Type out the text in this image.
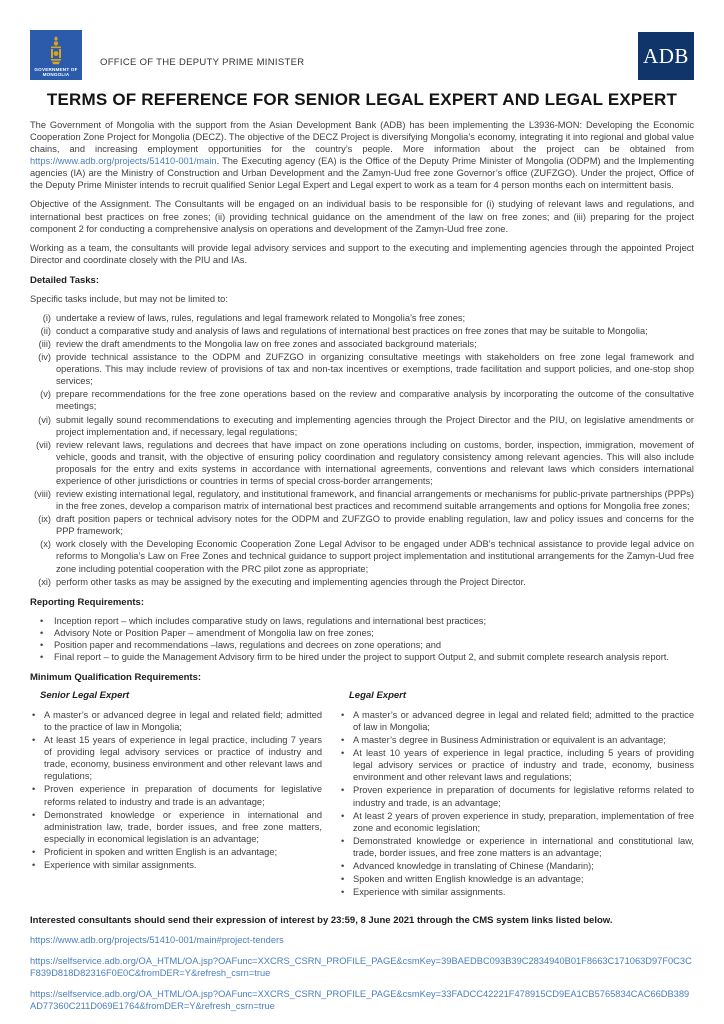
GOVERNMENT OF
MONGOLIA
OFFICE OF THE DEPUTY PRIME MINISTER	ADB
TERMS OF REFERENCE FOR SENIOR LEGAL EXPERT AND LEGAL EXPERT
The Government of Mongolia with the support from the Asian Development Bank (ADB) has been implementing the L3936-MON: Developing the Economic Cooperation Zone Project for Mongolia (DECZ). The objective of the DECZ Project is diversifying Mongolia’s economy, integrating it into regional and global value chains, and increasing employment opportunities for the country’s people. More information about the project can be obtained from https://www.adb.org/projects/51410-001/main. The Executing agency (EA) is the Office of the Deputy Prime Minister of Mongolia (ODPM) and the Implementing agencies (IA) are the Ministry of Construction and Urban Development and the Zamyn-Uud free zone Governor’s office (ZUFZGO). Under the project, Office of the Deputy Prime Minister intends to recruit qualified Senior Legal Expert and Legal expert to work as a team for 4 person months each on intermittent basis.
Objective of the Assignment. The Consultants will be engaged on an individual basis to be responsible for (i) studying of relevant laws and regulations, and international best practices on free zones; (ii) providing technical guidance on the amendment of the law on free zones; and (iii) preparing for the project component 2 for conducting a comprehensive analysis on operations and development of the Zamyn-Uud free zone.
Working as a team, the consultants will provide legal advisory services and support to the executing and implementing agencies through the appointed Project Director and coordinate closely with the PIU and IAs.
Detailed Tasks:
Specific tasks include, but may not be limited to:
(i) undertake a review of laws, rules, regulations and legal framework related to Mongolia’s free zones;
(ii) conduct a comparative study and analysis of laws and regulations of international best practices on free zones that may be suitable to Mongolia;
(iii) review the draft amendments to the Mongolia law on free zones and associated background materials;
(iv) provide technical assistance to the ODPM and ZUFZGO in organizing consultative meetings with stakeholders on free zone legal framework and operations. This may include review of provisions of tax and non-tax incentives or exemptions, trade facilitation and support policies, and one-stop shop services;
(v) prepare recommendations for the free zone operations based on the review and comparative analysis by incorporating the outcome of the consultative meetings;
(vi) submit legally sound recommendations to executing and implementing agencies through the Project Director and the PIU, on legislative amendments or project implementation and, if necessary, legal regulations;
(vii) review relevant laws, regulations and decrees that have impact on zone operations including on customs, border, inspection, immigration, movement of vehicle, goods and transit, with the objective of ensuring policy coordination and regulatory consistency among relevant agencies. This will also include proposals for the entry and exits systems in accordance with international agreements, conventions and relevant laws which considers international experience of other jurisdictions or countries in terms of special cross-border arrangements;
(viii) review existing international legal, regulatory, and institutional framework, and financial arrangements or mechanisms for public-private partnerships (PPPs) in the free zones, develop a comparison matrix of international best practices and recommend suitable arrangements and options for Mongolia free zones;
(ix) draft position papers or technical advisory notes for the ODPM and ZUFZGO to provide enabling regulation, law and policy issues and concerns for the PPP framework;
(x) work closely with the Developing Economic Cooperation Zone Legal Advisor to be engaged under ADB’s technical assistance to provide legal advice on reforms to Mongolia’s Law on Free Zones and technical guidance to support project implementation and institutional arrangements for the Zamyn-Uud free zone including potential cooperation with the PRC pilot zone as appropriate;
(xi) perform other tasks as may be assigned by the executing and implementing agencies through the Project Director.
Reporting Requirements:
• Inception report – which includes comparative study on laws, regulations and international best practices;
• Advisory Note or Position Paper – amendment of Mongolia law on free zones;
• Position paper and recommendations –laws, regulations and decrees on zone operations; and
• Final report – to guide the Management Advisory firm to be hired under the project to support Output 2, and submit complete research analysis report.
Minimum Qualification Requirements:
Senior Legal Expert
• A master’s or advanced degree in legal and related field; admitted to the practice of law in Mongolia;
• At least 15 years of experience in legal practice, including 7 years of providing legal advisory services or practice of industry and trade, economy, business environment and other relevant laws and regulations;
• Proven experience in preparation of documents for legislative reforms related to industry and trade is an advantage;
• Demonstrated knowledge or experience in international and administration law, trade, border issues, and free zone matters, especially in economical legislation is an advantage;
• Proficient in spoken and written English is an advantage;
• Experience with similar assignments.
Legal Expert
• A master’s or advanced degree in legal and related field; admitted to the practice of law in Mongolia;
• A master’s degree in Business Administration or equivalent is an advantage;
• At least 10 years of experience in legal practice, including 5 years of providing legal advisory services or practice of industry and trade, economy, business environment and other relevant laws and regulations;
• Proven experience in preparation of documents for legislative reforms related to industry and trade, is an advantage;
• At least 2 years of proven experience in study, preparation, implementation of free zone and economic legislation;
• Demonstrated knowledge or experience in international and constitutional law, trade, border issues, and free zone matters is an advantage;
• Advanced knowledge in translating of Chinese (Mandarin);
• Spoken and written English knowledge is an advantage;
• Experience with similar assignments.
Interested consultants should send their expression of interest by 23:59, 8 June 2021 through the CMS system links listed below.
https://www.adb.org/projects/51410-001/main#project-tenders
https://selfservice.adb.org/OA_HTML/OA.jsp?OAFunc=XXCRS_CSRN_PROFILE_PAGE&csmKey=39BAEDBC093B39C2834940B01F8663C171063D97F0C3CF839D818D82316F0E0C&fromDER=Y&refresh_csrn=true
https://selfservice.adb.org/OA_HTML/OA.jsp?OAFunc=XXCRS_CSRN_PROFILE_PAGE&csmKey=33FADCC42221F478915CD9EA1CB5765834CAC66DB389AD77360C211D069E1764&fromDER=Y&refresh_csrn=true
